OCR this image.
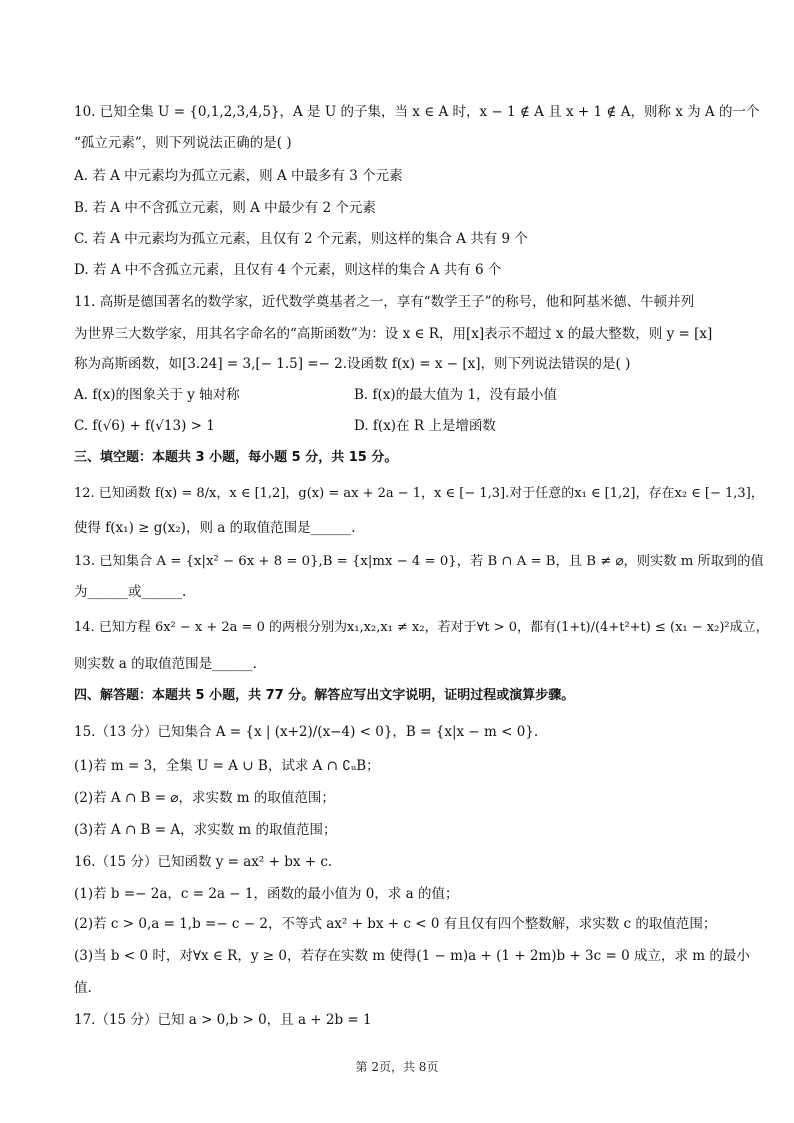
10. 已知全集 U = {0,1,2,3,4,5}，A 是 U 的子集，当 x ∈ A 时，x − 1 ∉ A 且 x + 1 ∉ A，则称 x 为 A 的一个
“孤立元素”，则下列说法正确的是( )
A. 若 A 中元素均为孤立元素，则 A 中最多有 3 个元素
B. 若 A 中不含孤立元素，则 A 中最少有 2 个元素
C. 若 A 中元素均为孤立元素，且仅有 2 个元素，则这样的集合 A 共有 9 个
D. 若 A 中不含孤立元素，且仅有 4 个元素，则这样的集合 A 共有 6 个
11. 高斯是德国著名的数学家，近代数学奠基者之一，享有“数学王子”的称号，他和阿基米德、牛顿并列
为世界三大数学家，用其名字命名的“高斯函数”为：设 x ∈ R，用[x]表示不超过 x 的最大整数，则 y = [x]
称为高斯函数，如[3.24] = 3,[− 1.5] =− 2.设函数 f(x) = x − [x]，则下列说法错误的是( )
A. f(x)的图象关于 y 轴对称	B. f(x)的最大值为 1，没有最小值
C. f(√6) + f(√13) > 1	D. f(x)在 R 上是增函数
三、填空题：本题共 3 小题，每小题 5 分，共 15 分。
12. 已知函数 f(x) = 8/x，x ∈ [1,2]，g(x) = ax + 2a − 1，x ∈ [− 1,3].对于任意的x₁ ∈ [1,2]，存在x₂ ∈ [− 1,3]，
使得 f(x₁) ≥ g(x₂)，则 a 的取值范围是______.
13. 已知集合 A = {x|x² − 6x + 8 = 0},B = {x|mx − 4 = 0}，若 B ∩ A = B，且 B ≠ ⌀，则实数 m 所取到的值
为______或______.
14. 已知方程 6x² − x + 2a = 0 的两根分别为x₁,x₂,x₁ ≠ x₂，若对于∀t > 0，都有(1+t)/(4+t²+t) ≤ (x₁ − x₂)²成立，
则实数 a 的取值范围是______.
四、解答题：本题共 5 小题，共 77 分。解答应写出文字说明，证明过程或演算步骤。
15.（13 分）已知集合 A = {x | (x+2)/(x−4) < 0}，B = {x|x − m < 0}.
(1)若 m = 3，全集 U = A ∪ B，试求 A ∩ ∁ᵤB；
(2)若 A ∩ B = ⌀，求实数 m 的取值范围；
(3)若 A ∩ B = A，求实数 m 的取值范围；
16.（15 分）已知函数 y = ax² + bx + c.
(1)若 b =− 2a，c = 2a − 1，函数的最小值为 0，求 a 的值；
(2)若 c > 0,a = 1,b =− c − 2，不等式 ax² + bx + c < 0 有且仅有四个整数解，求实数 c 的取值范围；
(3)当 b < 0 时，对∀x ∈ R，y ≥ 0，若存在实数 m 使得(1 − m)a + (1 + 2m)b + 3c = 0 成立，求 m 的最小
值.
17.（15 分）已知 a > 0,b > 0，且 a + 2b = 1
第 2页，共 8页
